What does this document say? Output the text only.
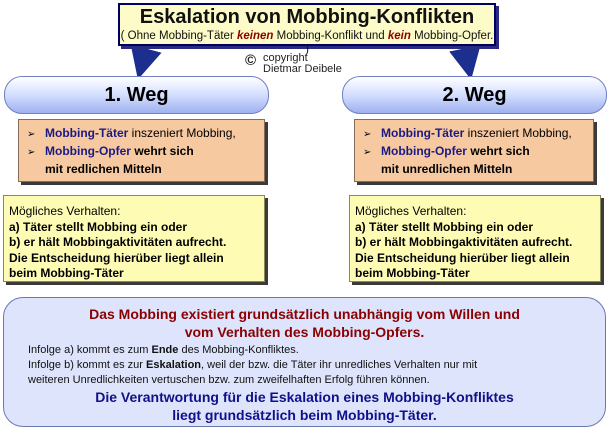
Eskalation von Mobbing-Konflikten
( Ohne Mobbing-Täter keinen Mobbing-Konflikt und kein Mobbing-Opfer. )
© copyright
Dietmar Deibele
1. Weg	2. Weg
➢ Mobbing-Täter inszeniert Mobbing,
➢ Mobbing-Opfer wehrt sich
mit redlichen Mitteln
➢ Mobbing-Täter inszeniert Mobbing,
➢ Mobbing-Opfer wehrt sich
mit unredlichen Mitteln
Mögliches Verhalten:
a) Täter stellt Mobbing ein oder
b) er hält Mobbingaktivitäten aufrecht.
Die Entscheidung hierüber liegt allein
beim Mobbing-Täter
Mögliches Verhalten:
a) Täter stellt Mobbing ein oder
b) er hält Mobbingaktivitäten aufrecht.
Die Entscheidung hierüber liegt allein
beim Mobbing-Täter
Das Mobbing existiert grundsätzlich unabhängig vom Willen und
vom Verhalten des Mobbing-Opfers.
Infolge a) kommt es zum Ende des Mobbing-Konfliktes.
Infolge b) kommt es zur Eskalation, weil der bzw. die Täter ihr unredliches Verhalten nur mit
weiteren Unredlichkeiten vertuschen bzw. zum zweifelhaften Erfolg führen können.
Die Verantwortung für die Eskalation eines Mobbing-Konfliktes
liegt grundsätzlich beim Mobbing-Täter.
